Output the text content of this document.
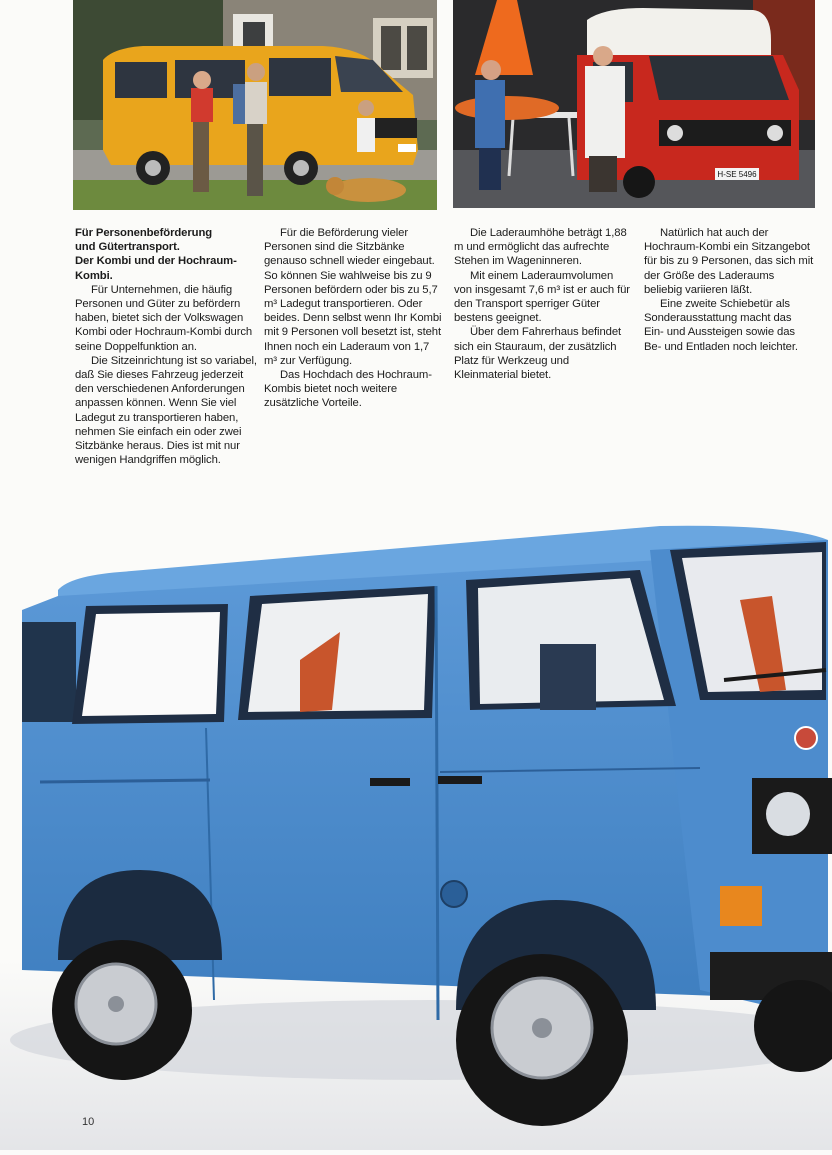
H-SE 5496

Für Personenbeförderung

und Gütertransport.

Der Kombi und der Hochraum-

Kombi.

Für Unternehmen, die häufig Personen und Güter zu befördern haben, bietet sich der Volkswagen Kombi oder Hochraum-Kombi durch seine Doppelfunktion an.

Die Sitzeinrichtung ist so variabel, daß Sie dieses Fahrzeug jederzeit den verschiedenen Anforderungen anpassen können. Wenn Sie viel Ladegut zu transportieren haben, nehmen Sie einfach ein oder zwei Sitzbänke heraus. Dies ist mit nur wenigen Handgriffen möglich.

Für die Beförderung vieler Personen sind die Sitzbänke genauso schnell wieder eingebaut. So können Sie wahlweise bis zu 9 Personen befördern oder bis zu 5,7 m³ Ladegut transportieren. Oder beides. Denn selbst wenn Ihr Kombi mit 9 Personen voll besetzt ist, steht Ihnen noch ein Laderaum von 1,7 m³ zur Verfügung.

Das Hochdach des Hochraum-Kombis bietet noch weitere zusätzliche Vorteile.

Die Laderaumhöhe beträgt 1,88 m und ermöglicht das aufrechte Stehen im Wageninneren.

Mit einem Laderaumvolumen von insgesamt 7,6 m³ ist er auch für den Transport sperriger Güter bestens geeignet.

Über dem Fahrerhaus befindet sich ein Stauraum, der zusätzlich Platz für Werkzeug und Kleinmaterial bietet.

Natürlich hat auch der Hochraum-Kombi ein Sitzangebot für bis zu 9 Personen, das sich mit der Größe des Laderaums beliebig variieren läßt.

Eine zweite Schiebetür als Sonderausstattung macht das Ein- und Aussteigen sowie das Be- und Entladen noch leichter.

10
